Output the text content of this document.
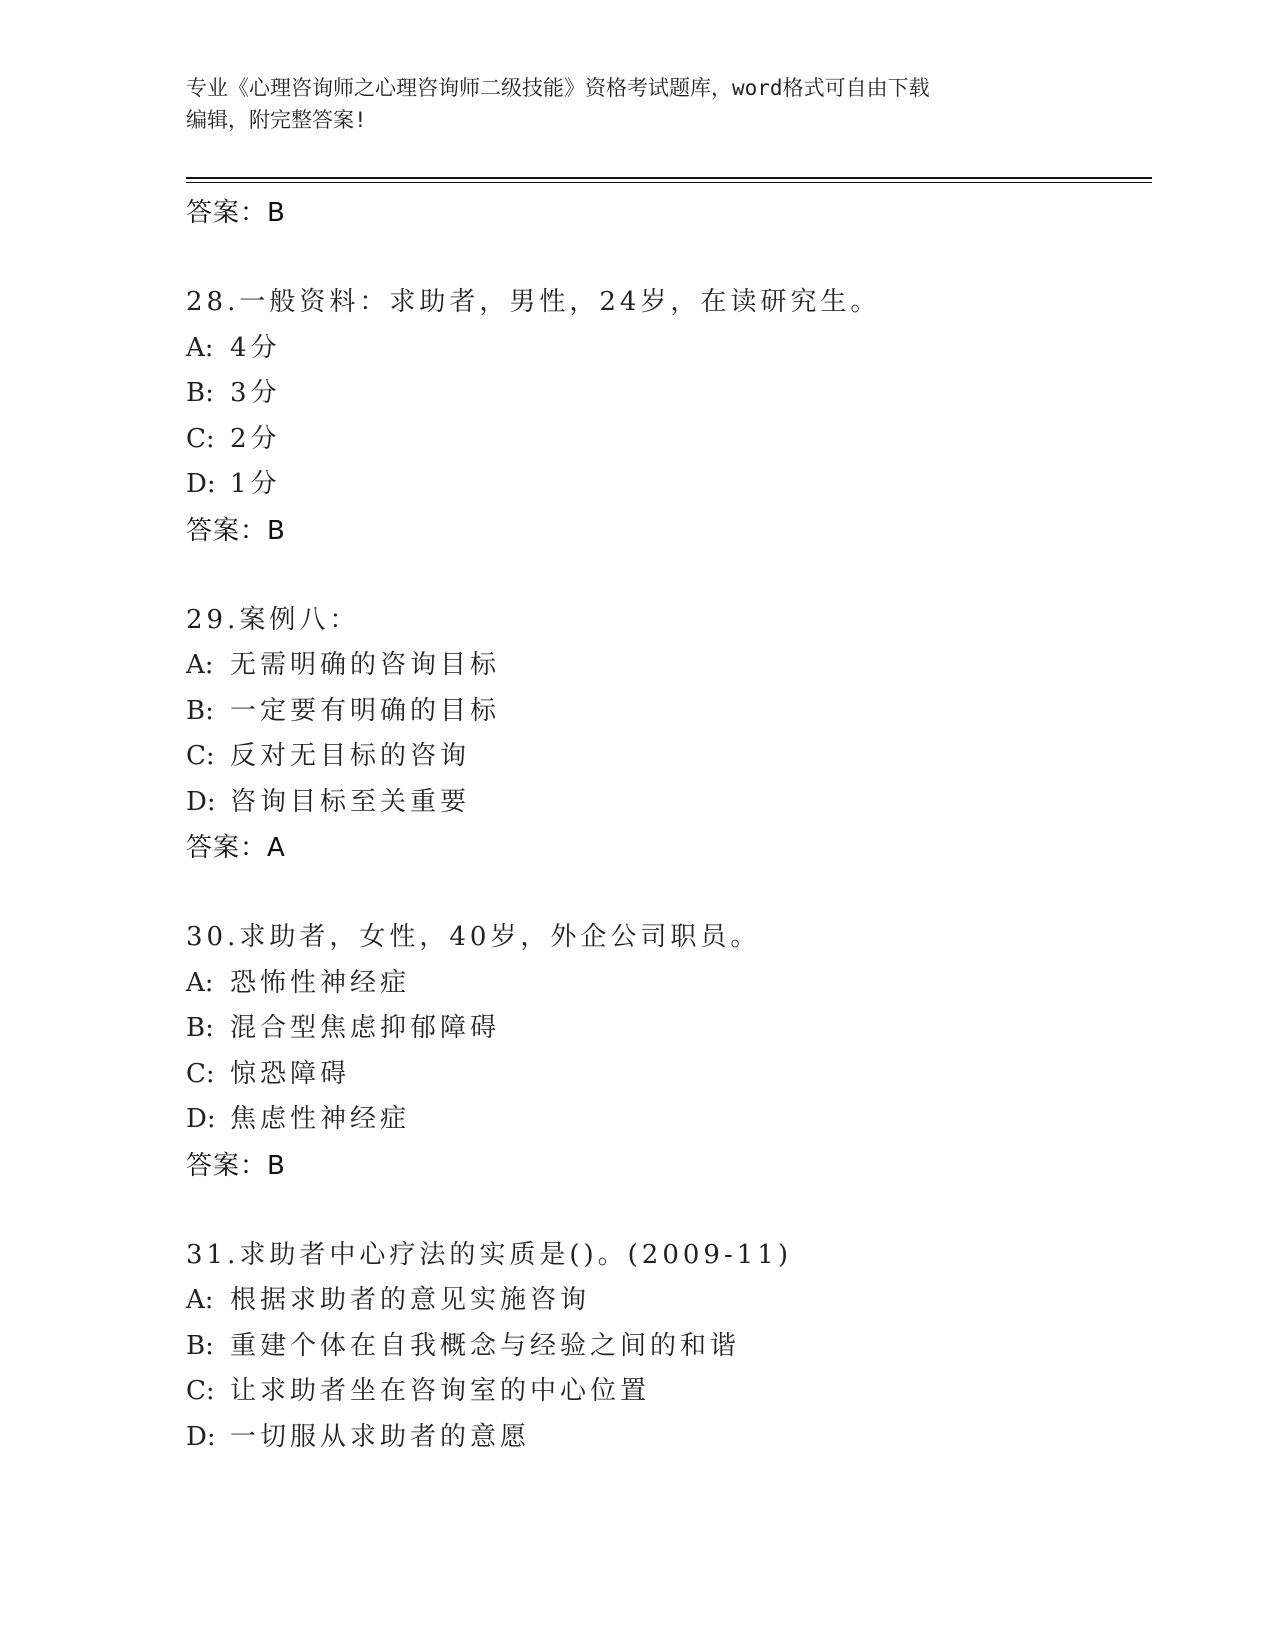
专业《心理咨询师之心理咨询师二级技能》资格考试题库，word格式可自由下载
编辑，附完整答案!
答案：B
28.一般资料：求助者，男性，24岁，在读研究生。
A: 4分
B: 3分
C: 2分
D: 1分
答案：B
29.案例八：
A: 无需明确的咨询目标
B: 一定要有明确的目标
C: 反对无目标的咨询
D: 咨询目标至关重要
答案：A
30.求助者，女性，40岁，外企公司职员。
A: 恐怖性神经症
B: 混合型焦虑抑郁障碍
C: 惊恐障碍
D: 焦虑性神经症
答案：B
31.求助者中心疗法的实质是()。(2009-11)
A: 根据求助者的意见实施咨询
B: 重建个体在自我概念与经验之间的和谐
C: 让求助者坐在咨询室的中心位置
D: 一切服从求助者的意愿
